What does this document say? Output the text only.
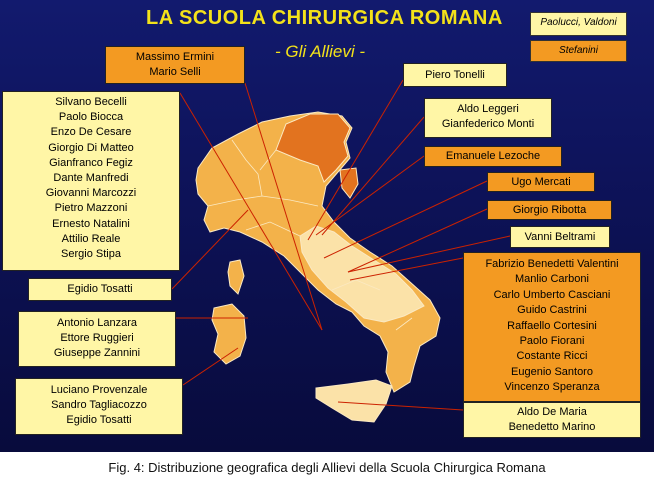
LA SCUOLA CHIRURGICA ROMANA
- Gli Allievi -
Paolucci, Valdoni
Stefanini
Massimo Ermini
Mario Selli
Silvano Becelli
Paolo Biocca
Enzo De Cesare
Giorgio Di Matteo
Gianfranco Fegiz
Dante Manfredi
Giovanni Marcozzi
Pietro Mazzoni
Ernesto Natalini
Attilio Reale
Sergio Stipa
Piero Tonelli
Aldo Leggeri
Gianfederico Monti
Emanuele Lezoche
Ugo Mercati
Giorgio Ribotta
Vanni Beltrami
Egidio Tosatti
Fabrizio Benedetti Valentini
Manlio Carboni
Carlo Umberto Casciani
Guido Castrini
Raffaello Cortesini
Paolo Fiorani
Costante Ricci
Eugenio Santoro
Vincenzo Speranza
Antonio Lanzara
Ettore Ruggieri
Giuseppe Zannini
Luciano Provenzale
Sandro Tagliacozzo
Egidio Tosatti
Aldo De Maria
Benedetto Marino
Fig. 4: Distribuzione geografica degli Allievi della Scuola Chirurgica Romana
